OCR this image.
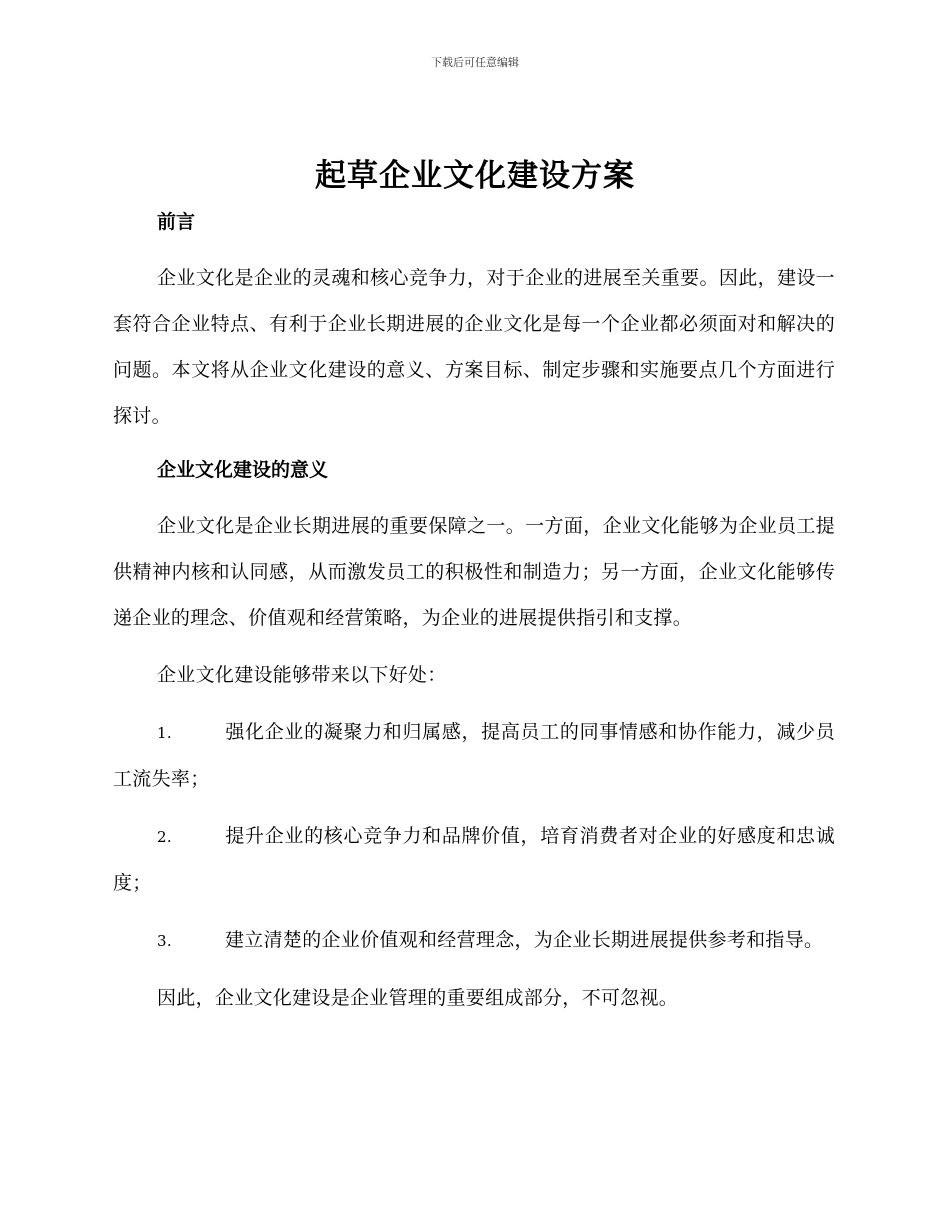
下载后可任意编辑
起草企业文化建设方案
前言
企业文化是企业的灵魂和核心竞争力，对于企业的进展至关重要。因此，建设一套符合企业特点、有利于企业长期进展的企业文化是每一个企业都必须面对和解决的问题。本文将从企业文化建设的意义、方案目标、制定步骤和实施要点几个方面进行探讨。
企业文化建设的意义
企业文化是企业长期进展的重要保障之一。一方面，企业文化能够为企业员工提供精神内核和认同感，从而激发员工的积极性和制造力；另一方面，企业文化能够传递企业的理念、价值观和经营策略，为企业的进展提供指引和支撑。
企业文化建设能够带来以下好处：
1.	强化企业的凝聚力和归属感，提高员工的同事情感和协作能力，减少员工流失率；
2.	提升企业的核心竞争力和品牌价值，培育消费者对企业的好感度和忠诚度；
3.	建立清楚的企业价值观和经营理念，为企业长期进展提供参考和指导。
因此，企业文化建设是企业管理的重要组成部分，不可忽视。
